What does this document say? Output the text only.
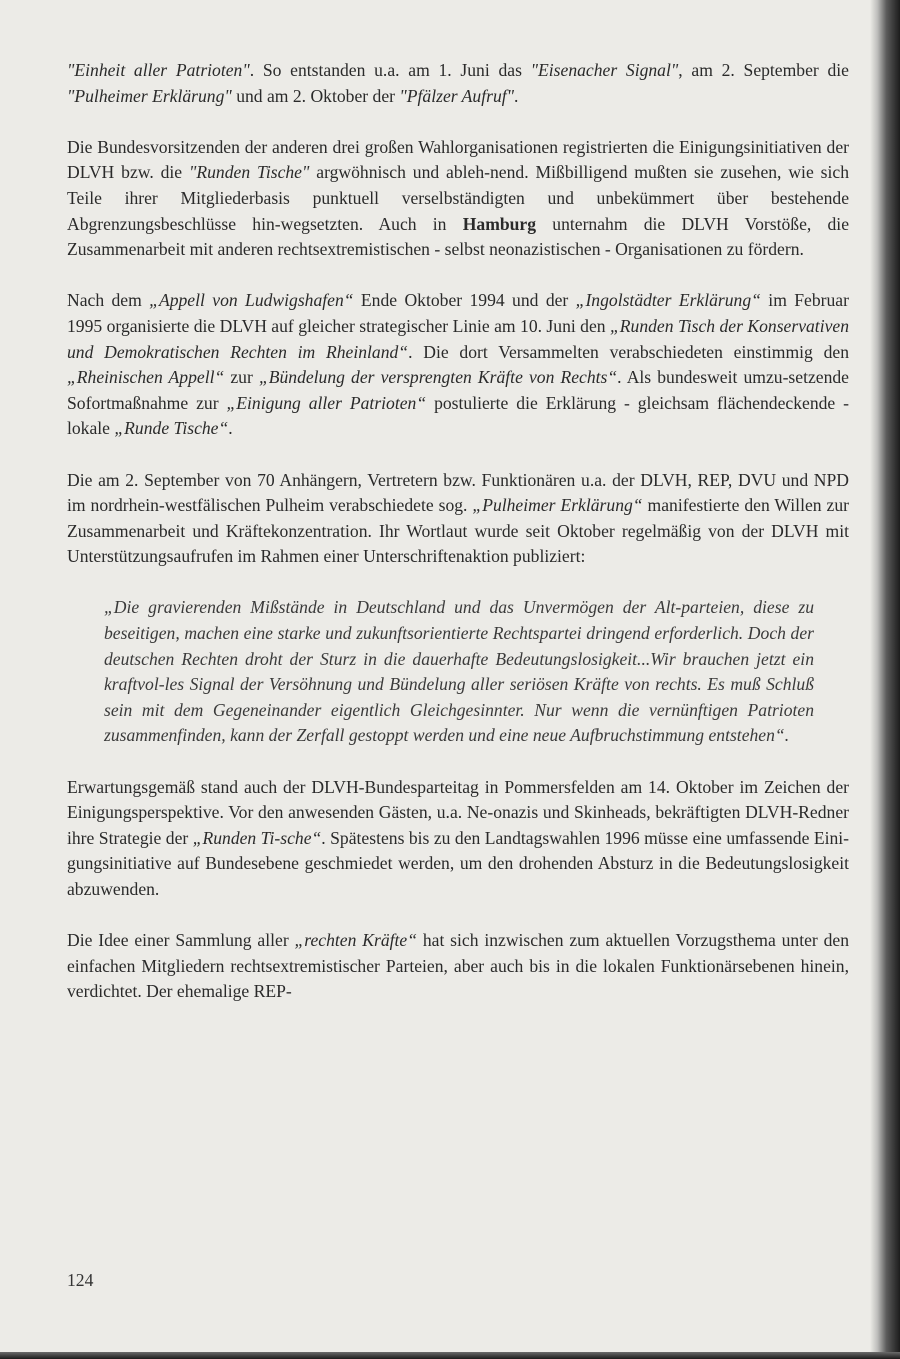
"Einheit aller Patrioten". So entstanden u.a. am 1. Juni das "Eisenacher Signal", am 2. September die "Pulheimer Erklärung" und am 2. Oktober der "Pfälzer Aufruf".

Die Bundesvorsitzenden der anderen drei großen Wahlorganisationen registrierten die Einigungsinitiativen der DLVH bzw. die "Runden Tische" argwöhnisch und ableh-nend. Mißbilligend mußten sie zusehen, wie sich Teile ihrer Mitgliederbasis punktuell verselbständigten und unbekümmert über bestehende Abgrenzungsbeschlüsse hin-wegsetzten. Auch in Hamburg unternahm die DLVH Vorstöße, die Zusammenarbeit mit anderen rechtsextremistischen - selbst neonazistischen - Organisationen zu fördern.

Nach dem „Appell von Ludwigshafen“ Ende Oktober 1994 und der „Ingolstädter Erklärung“ im Februar 1995 organisierte die DLVH auf gleicher strategischer Linie am 10. Juni den „Runden Tisch der Konservativen und Demokratischen Rechten im Rheinland“. Die dort Versammelten verabschiedeten einstimmig den „Rheinischen Appell“ zur „Bündelung der versprengten Kräfte von Rechts“. Als bundesweit umzu-setzende Sofortmaßnahme zur „Einigung aller Patrioten“ postulierte die Erklärung - gleichsam flächendeckende - lokale „Runde Tische“.

Die am 2. September von 70 Anhängern, Vertretern bzw. Funktionären u.a. der DLVH, REP, DVU und NPD im nordrhein-westfälischen Pulheim verabschiedete sog. „Pulheimer Erklärung“ manifestierte den Willen zur Zusammenarbeit und Kräftekonzentration. Ihr Wortlaut wurde seit Oktober regelmäßig von der DLVH mit Unterstützungsaufrufen im Rahmen einer Unterschriftenaktion publiziert:

„Die gravierenden Mißstände in Deutschland und das Unvermögen der Alt-parteien, diese zu beseitigen, machen eine starke und zukunftsorientierte Rechtspartei dringend erforderlich. Doch der deutschen Rechten droht der Sturz in die dauerhafte Bedeutungslosigkeit...Wir brauchen jetzt ein kraftvol-les Signal der Versöhnung und Bündelung aller seriösen Kräfte von rechts. Es muß Schluß sein mit dem Gegeneinander eigentlich Gleichgesinnter. Nur wenn die vernünftigen Patrioten zusammenfinden, kann der Zerfall gestoppt werden und eine neue Aufbruchstimmung entstehen“.

Erwartungsgemäß stand auch der DLVH-Bundesparteitag in Pommersfelden am 14. Oktober im Zeichen der Einigungsperspektive. Vor den anwesenden Gästen, u.a. Ne-onazis und Skinheads, bekräftigten DLVH-Redner ihre Strategie der „Runden Ti-sche“. Spätestens bis zu den Landtagswahlen 1996 müsse eine umfassende Eini-gungsinitiative auf Bundesebene geschmiedet werden, um den drohenden Absturz in die Bedeutungslosigkeit abzuwenden.

Die Idee einer Sammlung aller „rechten Kräfte“ hat sich inzwischen zum aktuellen Vorzugsthema unter den einfachen Mitgliedern rechtsextremistischer Parteien, aber auch bis in die lokalen Funktionärsebenen hinein, verdichtet. Der ehemalige REP-

124
